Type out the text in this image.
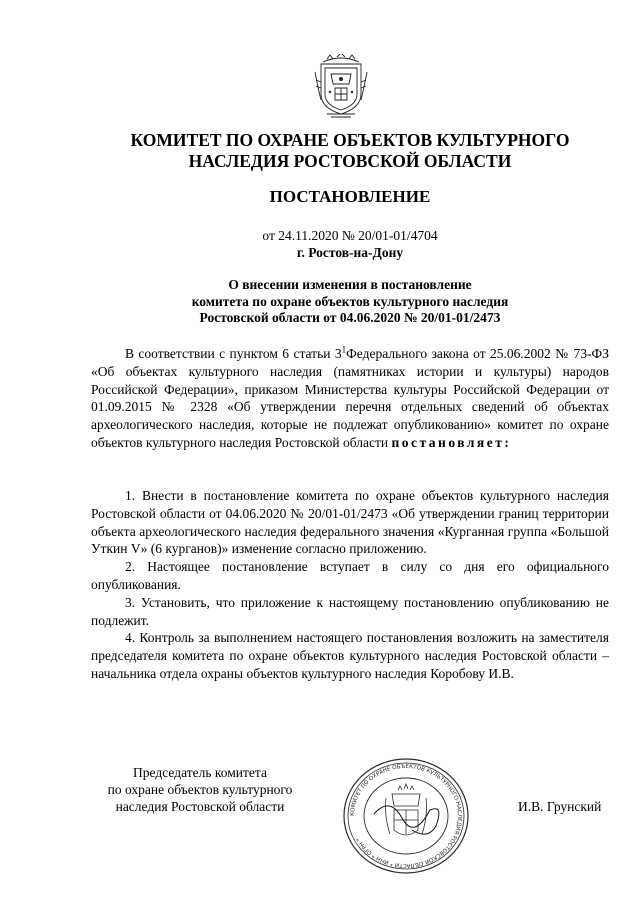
КОМИТЕТ ПО ОХРАНЕ ОБЪЕКТОВ КУЛЬТУРНОГО
НАСЛЕДИЯ РОСТОВСКОЙ ОБЛАСТИ
ПОСТАНОВЛЕНИЕ
от 24.11.2020 № 20/01-01/4704
г. Ростов-на-Дону
О внесении изменения в постановление
комитета по охране объектов культурного наследия
Ростовской области от 04.06.2020 № 20/01-01/2473

В соответствии с пунктом 6 статьи $3^1Федерального$ закона от 25.06.2002 № 73-ФЗ «Об объектах культурного наследия (памятниках истории и культуры) народов Российской Федерации», приказом Министерства культуры Российской Федерации от 01.09.2015 № 2328 «Об утверждении перечня отдельных сведений об объектах археологического наследия, которые не подлежат опубликованию» комитет по охране объектов культурного наследия Ростовской области постановляет:

1. Внести в постановление комитета по охране объектов культурного наследия Ростовской области от 04.06.2020 № 20/01-01/2473 «Об утверждении границ территории объекта археологического наследия федерального значения «Курганная группа «Большой Уткин V» (6 курганов)» изменение согласно приложению.

2. Настоящее постановление вступает в силу со дня его официального опубликования.

3. Установить, что приложение к настоящему постановлению опубликованию не подлежит.

4. Контроль за выполнением настоящего постановления возложить на заместителя председателя комитета по охране объектов культурного наследия Ростовской области – начальника отдела охраны объектов культурного наследия Коробову И.В.

Председатель комитета
по охране объектов культурного
наследия Ростовской области
КОМИТЕТ ПО ОХРАНЕ ОБЪЕКТОВ КУЛЬТУРНОГО НАСЛЕДИЯ РОСТОВСКОЙ ОБЛАСТИ * ИНН * ОГРН *
И.В. Грунский
